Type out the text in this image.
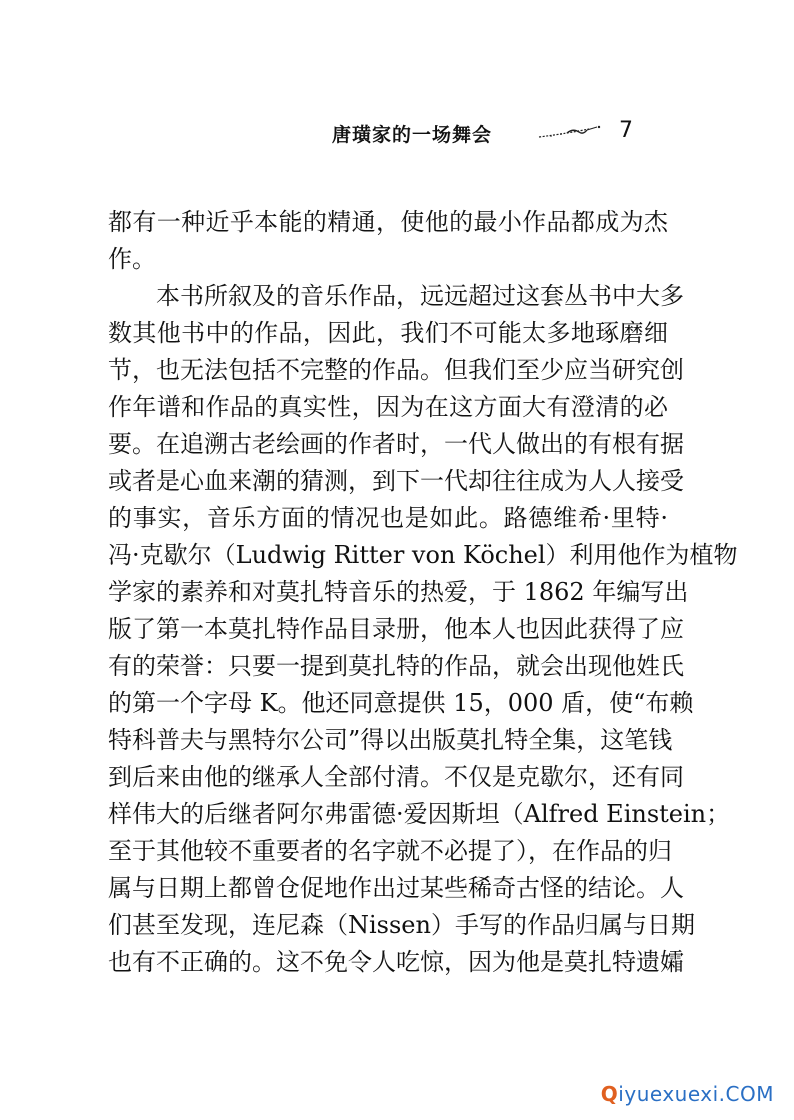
唐璜家的一场舞会	7
都有一种近乎本能的精通，使他的最小作品都成为杰
作。
本书所叙及的音乐作品，远远超过这套丛书中大多
数其他书中的作品，因此，我们不可能太多地琢磨细
节，也无法包括不完整的作品。但我们至少应当研究创
作年谱和作品的真实性，因为在这方面大有澄清的必
要。在追溯古老绘画的作者时，一代人做出的有根有据
或者是心血来潮的猜测，到下一代却往往成为人人接受
的事实，音乐方面的情况也是如此。路德维希·里特·
冯·克歇尔（Ludwig Ritter von Köchel）利用他作为植物
学家的素养和对莫扎特音乐的热爱，于 1862 年编写出
版了第一本莫扎特作品目录册，他本人也因此获得了应
有的荣誉：只要一提到莫扎特的作品，就会出现他姓氏
的第一个字母 K。他还同意提供 15，000 盾，使“布赖
特科普夫与黑特尔公司”得以出版莫扎特全集，这笔钱
到后来由他的继承人全部付清。不仅是克歇尔，还有同
样伟大的后继者阿尔弗雷德·爱因斯坦（Alfred Einstein；
至于其他较不重要者的名字就不必提了），在作品的归
属与日期上都曾仓促地作出过某些稀奇古怪的结论。人
们甚至发现，连尼森（Nissen）手写的作品归属与日期
也有不正确的。这不免令人吃惊，因为他是莫扎特遗孀
Qiyuexuexi.COM
